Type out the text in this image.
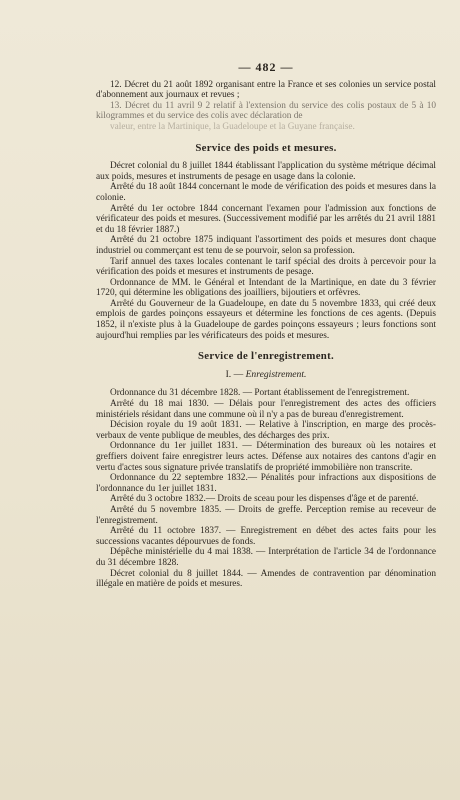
— 482 —

12. Décret du 21 août 1892 organisant entre la France et ses colonies un service postal d'abonnement aux journaux et revues ;

13. Décret du 11 avril 9 2 relatif à l'extension du service des colis postaux de 5 à 10 kilogrammes et du service des colis avec déclaration de

valeur, entre la Martinique, la Guadeloupe et la Guyane française.

Service des poids et mesures.

Décret colonial du 8 juillet 1844 établissant l'application du système métrique décimal aux poids, mesures et instruments de pesage en usage dans la colonie.

Arrêté du 18 août 1844 concernant le mode de vérification des poids et mesures dans la colonie.

Arrêté du 1er octobre 1844 concernant l'examen pour l'admission aux fonctions de vérificateur des poids et mesures. (Successivement modifié par les arrêtés du 21 avril 1881 et du 18 février 1887.)

Arrêté du 21 octobre 1875 indiquant l'assortiment des poids et mesures dont chaque industriel ou commerçant est tenu de se pourvoir, selon sa profession.

Tarif annuel des taxes locales contenant le tarif spécial des droits à percevoir pour la vérification des poids et mesures et instruments de pesage.

Ordonnance de MM. le Général et Intendant de la Martinique, en date du 3 février 1720, qui détermine les obligations des joailliers, bijoutiers et orfèvres.

Arrêté du Gouverneur de la Guadeloupe, en date du 5 novembre 1833, qui créé deux emplois de gardes poinçons essayeurs et détermine les fonctions de ces agents. (Depuis 1852, il n'existe plus à la Guadeloupe de gardes poinçons essayeurs ; leurs fonctions sont aujourd'hui remplies par les vérificateurs des poids et mesures.

Service de l'enregistrement.
I. — Enregistrement.

Ordonnance du 31 décembre 1828. — Portant établissement de l'enregistrement.

Arrêté du 18 mai 1830. — Délais pour l'enregistrement des actes des officiers ministériels résidant dans une commune où il n'y a pas de bureau d'enregistrement.

Décision royale du 19 août 1831. — Relative à l'inscription, en marge des procès-verbaux de vente publique de meubles, des décharges des prix.

Ordonnance du 1er juillet 1831. — Détermination des bureaux où les notaires et greffiers doivent faire enregistrer leurs actes. Défense aux notaires des cantons d'agir en vertu d'actes sous signature privée translatifs de propriété immobilière non transcrite.

Ordonnance du 22 septembre 1832.— Pénalités pour infractions aux dispositions de l'ordonnance du 1er juillet 1831.

Arrêté du 3 octobre 1832.— Droits de sceau pour les dispenses d'âge et de parenté.

Arrêté du 5 novembre 1835. — Droits de greffe. Perception remise au receveur de l'enregistrement.

Arrêté du 11 octobre 1837. — Enregistrement en débet des actes faits pour les successions vacantes dépourvues de fonds.

Dépêche ministérielle du 4 mai 1838. — Interprétation de l'article 34 de l'ordonnance du 31 décembre 1828.

Décret colonial du 8 juillet 1844. — Amendes de contravention par dénomination illégale en matière de poids et mesures.
